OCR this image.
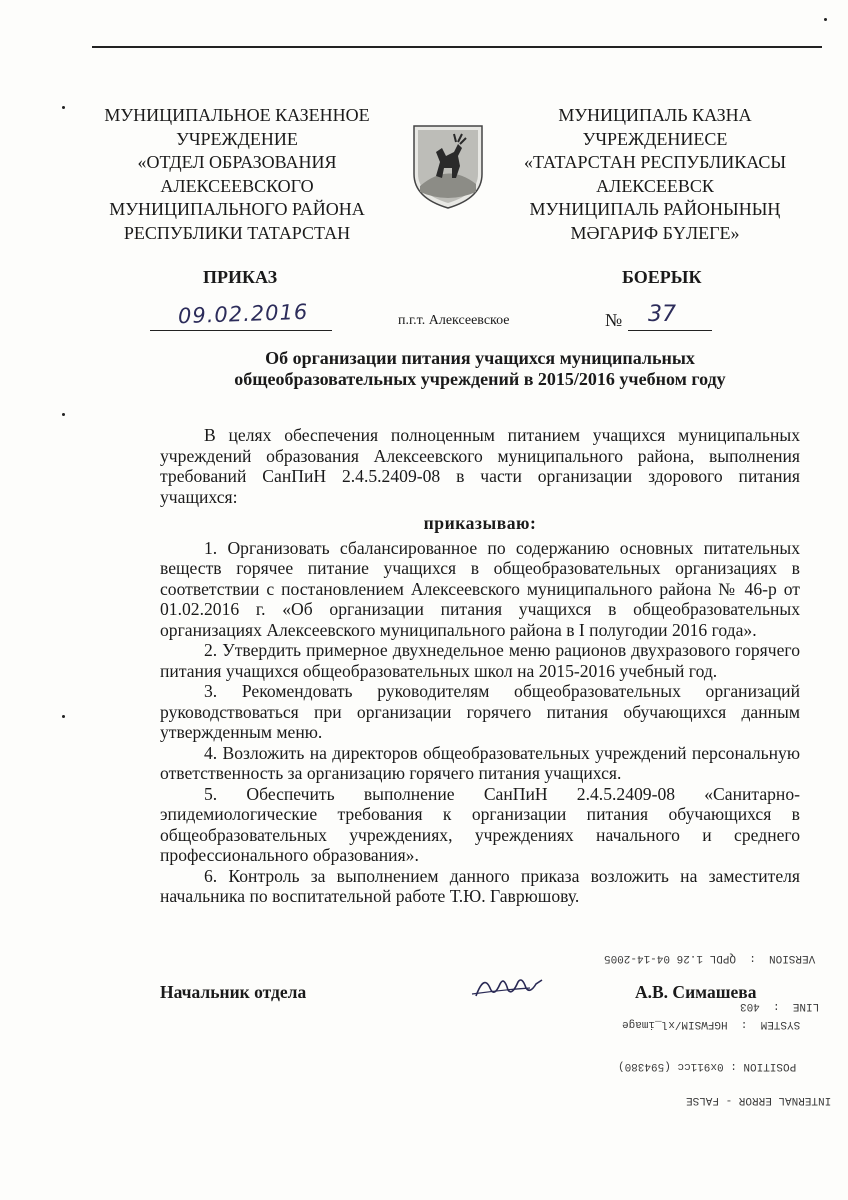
МУНИЦИПАЛЬНОЕ КАЗЕННОЕ
УЧРЕЖДЕНИЕ
«ОТДЕЛ ОБРАЗОВАНИЯ
АЛЕКСЕЕВСКОГО
МУНИЦИПАЛЬНОГО РАЙОНА
РЕСПУБЛИКИ ТАТАРСТАН
МУНИЦИПАЛЬ КАЗНА
УЧРЕЖДЕНИЕСЕ
«ТАТАРСТАН РЕСПУБЛИКАСЫ
АЛЕКСЕЕВСК
МУНИЦИПАЛЬ РАЙОНЫНЫҢ
МӘГАРИФ БҮЛЕГЕ»
ПРИКАЗ	БОЕРЫК
09.02.2016	п.г.т. Алексеевское	№ 37
Об организации питания учащихся муниципальных
общеобразовательных учреждений в 2015/2016 учебном году

В целях обеспечения полноценным питанием учащихся муниципальных учреждений образования Алексеевского муниципального района, выполнения требований СанПиН 2.4.5.2409-08 в части организации здорового питания учащихся:

приказываю:

1. Организовать сбалансированное по содержанию основных питательных веществ горячее питание учащихся в общеобразовательных организациях в соответствии с постановлением Алексеевского муниципального района № 46-р от 01.02.2016 г. «Об организации питания учащихся в общеобразовательных организациях Алексеевского муниципального района в I полугодии 2016 года».

2. Утвердить примерное двухнедельное меню рационов двухразового горячего питания учащихся общеобразовательных школ на 2015-2016 учебный год.

3. Рекомендовать руководителям общеобразовательных организаций руководствоваться при организации горячего питания обучающихся данным утвержденным меню.

4. Возложить на директоров общеобразовательных учреждений персональную ответственность за организацию горячего питания учащихся.

5. Обеспечить выполнение СанПиН 2.4.5.2409-08 «Санитарно-эпидемиологические требования к организации питания обучающихся в общеобразовательных учреждениях, учреждениях начального и среднего профессионального образования».

6. Контроль за выполнением данного приказа возложить на заместителя начальника по воспитательной работе Т.Ю. Гаврюшову.

VERSION  :  QPDL 1.26 04-14-2005
LINE  :  403
SYSTEM  :  HGFWSIM/xl_image
POSITION : 0x911cc (594380)
INTERNAL ERROR - FALSE
Начальник отдела	А.В. Симашева
